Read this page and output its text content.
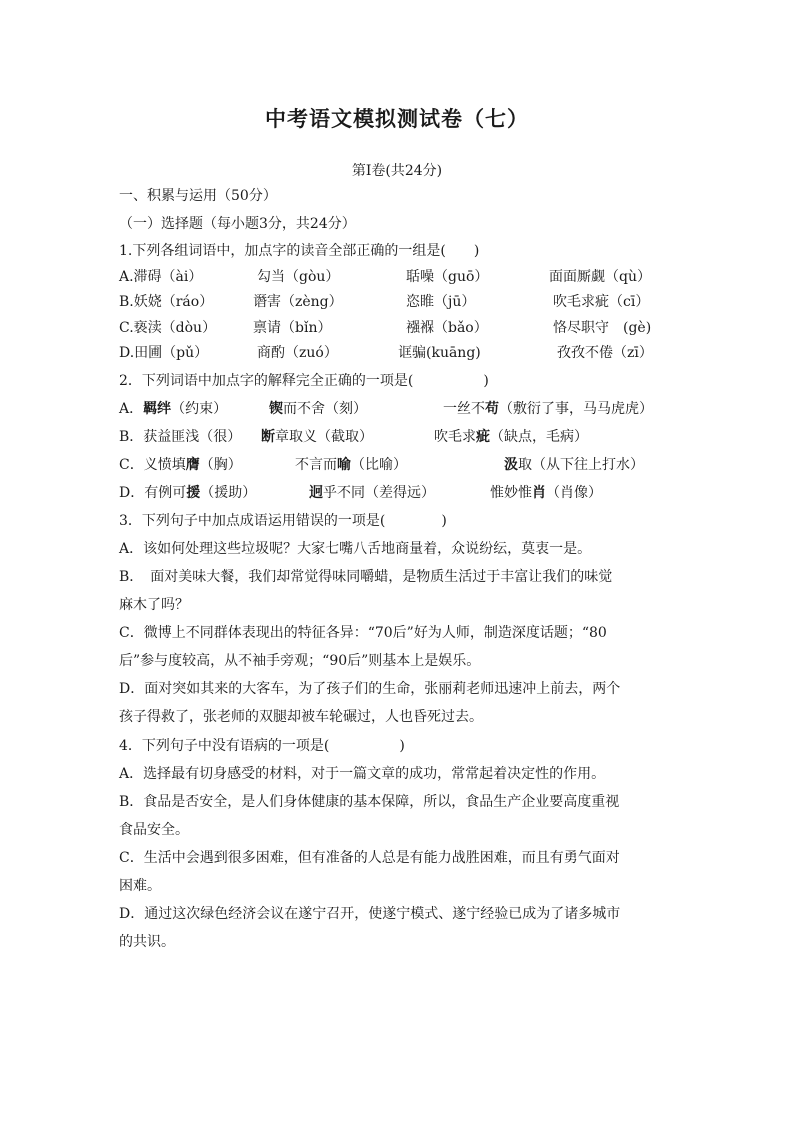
中考语文模拟测试卷（七）
第Ⅰ卷(共24分)
一、积累与运用（50分）
（一）选择题（每小题3分，共24分）
1.下列各组词语中，加点字的读音全部正确的一组是(　　)
A.滞碍（ài）	勾当（gòu）	聒噪（guō）	面面厮觑（qù）
B.妖娆（ráo）	谮害（zèng）	恣睢（jū）	吹毛求疵（cī）
C.亵渎（dòu）	禀请（bǐn）	襁褓（bǎo）	恪尽职守　(gè)
D.田圃（pǔ）	商酌（zuó）	诓骗(kuāng)	孜孜不倦（zī）
2．下列词语中加点字的解释完全正确的一项是(　　　　　)
A．羁绊（约束）	锲而不舍（刻）	一丝不苟（敷衍了事，马马虎虎）
B．获益匪浅（很） 断章取义（截取）	吹毛求疵（缺点，毛病）
C．义愤填膺（胸）	不言而喻（比喻）	汲取（从下往上打水）
D．有例可援（援助）	迥乎不同（差得远）	惟妙惟肖（肖像）
3．下列句子中加点成语运用错误的一项是(　　　　)
A．该如何处理这些垃圾呢？大家七嘴八舌地商量着，众说纷纭，莫衷一是。
B．　面对美味大餐，我们却常觉得味同嚼蜡，是物质生活过于丰富让我们的味觉
麻木了吗？
C．微博上不同群体表现出的特征各异：“70后”好为人师，制造深度话题；“80
后”参与度较高，从不袖手旁观；“90后”则基本上是娱乐。
D．面对突如其来的大客车，为了孩子们的生命，张丽莉老师迅速冲上前去，两个
孩子得救了，张老师的双腿却被车轮碾过，人也昏死过去。
4．下列句子中没有语病的一项是(　　　　　)
A．选择最有切身感受的材料，对于一篇文章的成功，常常起着决定性的作用。
B．食品是否安全，是人们身体健康的基本保障，所以，食品生产企业要高度重视
食品安全。
C．生活中会遇到很多困难，但有准备的人总是有能力战胜困难，而且有勇气面对
困难。
D．通过这次绿色经济会议在遂宁召开，使遂宁模式、遂宁经验已成为了诸多城市
的共识。
